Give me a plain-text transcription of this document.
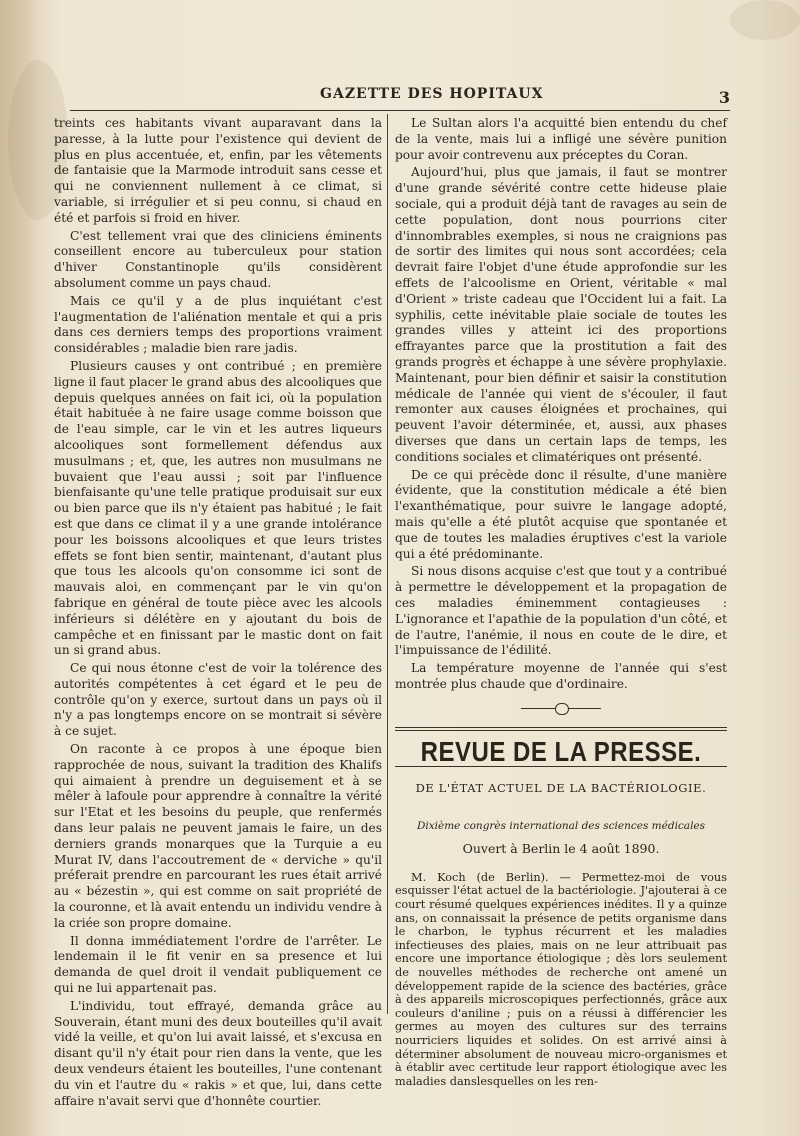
GAZETTE DES HOPITAUX	3

treints ces habitants vivant auparavant dans la paresse, à la lutte pour l'existence qui devient de plus en plus accentuée, et, enfin, par les vêtements de fantaisie que la Marmode introduit sans cesse et qui ne conviennent nullement à ce climat, si variable, si irrégulier et si peu connu, si chaud en été et parfois si froid en hiver.

C'est tellement vrai que des cliniciens éminents conseillent encore au tuberculeux pour station d'hiver Constantinople qu'ils considèrent absolument comme un pays chaud.

Mais ce qu'il y a de plus inquiétant c'est l'augmentation de l'aliénation mentale et qui a pris dans ces derniers temps des proportions vraiment considérables ; maladie bien rare jadis.

Plusieurs causes y ont contribué ; en première ligne il faut placer le grand abus des alcooliques que depuis quelques années on fait ici, où la population était habituée à ne faire usage comme boisson que de l'eau simple, car le vin et les autres liqueurs alcooliques sont formellement défendus aux musulmans ; et, que, les autres non musulmans ne buvaient que l'eau aussi ; soit par l'influence bienfaisante qu'une telle pratique produisait sur eux ou bien parce que ils n'y étaient pas habitué ; le fait est que dans ce climat il y a une grande intolérance pour les boissons alcooliques et que leurs tristes effets se font bien sentir, maintenant, d'autant plus que tous les alcools qu'on consomme ici sont de mauvais aloi, en commençant par le vin qu'on fabrique en général de toute pièce avec les alcools inférieurs si délétère en y ajoutant du bois de campêche et en finissant par le mastic dont on fait un si grand abus.

Ce qui nous étonne c'est de voir la tolérence des autorités compétentes à cet égard et le peu de contrôle qu'on y exerce, surtout dans un pays où il n'y a pas longtemps encore on se montrait si sévère à ce sujet.

On raconte à ce propos à une époque bien rapprochée de nous, suivant la tradition des Khalifs qui aimaient à prendre un deguisement et à se mêler à lafoule pour apprendre à connaître la vérité sur l'Etat et les besoins du peuple, que renfermés dans leur palais ne peuvent jamais le faire, un des derniers grands monarques que la Turquie a eu Murat IV, dans l'accoutrement de « derviche » qu'il préferait prendre en parcourant les rues était arrivé au « bézestin », qui est comme on sait propriété de la couronne, et là avait entendu un individu vendre à la criée son propre domaine.

Il donna immédiatement l'ordre de l'arrêter. Le lendemain il le fit venir en sa presence et lui demanda de quel droit il vendait publiquement ce qui ne lui appartenait pas.

L'individu, tout effrayé, demanda grâce au Souverain, étant muni des deux bouteilles qu'il avait vidé la veille, et qu'on lui avait laissé, et s'excusa en disant qu'il n'y était pour rien dans la vente, que les deux vendeurs étaient les bouteilles, l'une contenant du vin et l'autre du « rakis » et que, lui, dans cette affaire n'avait servi que d'honnête courtier.

Le Sultan alors l'a acquitté bien entendu du chef de la vente, mais lui a infligé une sévère punition pour avoir contrevenu aux préceptes du Coran.

Aujourd'hui, plus que jamais, il faut se montrer d'une grande sévérité contre cette hideuse plaie sociale, qui a produit déjà tant de ravages au sein de cette population, dont nous pourrions citer d'innombrables exemples, si nous ne craignions pas de sortir des limites qui nous sont accordées; cela devrait faire l'objet d'une étude approfondie sur les effets de l'alcoolisme en Orient, véritable « mal d'Orient » triste cadeau que l'Occident lui a fait. La syphilis, cette inévitable plaie sociale de toutes les grandes villes y atteint ici des proportions effrayantes parce que la prostitution a fait des grands progrès et échappe à une sévère prophylaxie. Maintenant, pour bien définir et saisir la constitution médicale de l'année qui vient de s'écouler, il faut remonter aux causes éloignées et prochaines, qui peuvent l'avoir déterminée, et, aussi, aux phases diverses que dans un certain laps de temps, les conditions sociales et climatériques ont présenté.

De ce qui précède donc il résulte, d'une manière évidente, que la constitution médicale a été bien l'exanthématique, pour suivre le langage adopté, mais qu'elle a été plutôt acquise que spontanée et que de toutes les maladies éruptives c'est la variole qui a été prédominante.

Si nous disons acquise c'est que tout y a contribué à permettre le développement et la propagation de ces maladies éminemment contagieuses : L'ignorance et l'apathie de la population d'un côté, et de l'autre, l'anémie, il nous en coute de le dire, et l'impuissance de l'édilité.

La température moyenne de l'année qui s'est montrée plus chaude que d'ordinaire.

REVUE DE LA PRESSE.
DE L'ÉTAT ACTUEL DE LA BACTÉRIOLOGIE.
Dixième congrès international des sciences médicales
Ouvert à Berlin le 4 août 1890.

M. Koch (de Berlin). — Permettez-moi de vous esquisser l'état actuel de la bactériologie. J'ajouterai à ce court résumé quelques expériences inédites. Il y a quinze ans, on connaissait la présence de petits organisme dans le charbon, le typhus récurrent et les maladies infectieuses des plaies, mais on ne leur attribuait pas encore une importance étiologique ; dès lors seulement de nouvelles méthodes de recherche ont amené un développement rapide de la science des bactéries, grâce à des appareils microscopiques perfectionnés, grâce aux couleurs d'aniline ; puis on a réussi à différencier les germes au moyen des cultures sur des terrains nourriciers liquides et solides. On est arrivé ainsi à déterminer absolument de nouveau micro-organismes et à établir avec certitude leur rapport étiologique avec les maladies danslesquelles on les ren-
